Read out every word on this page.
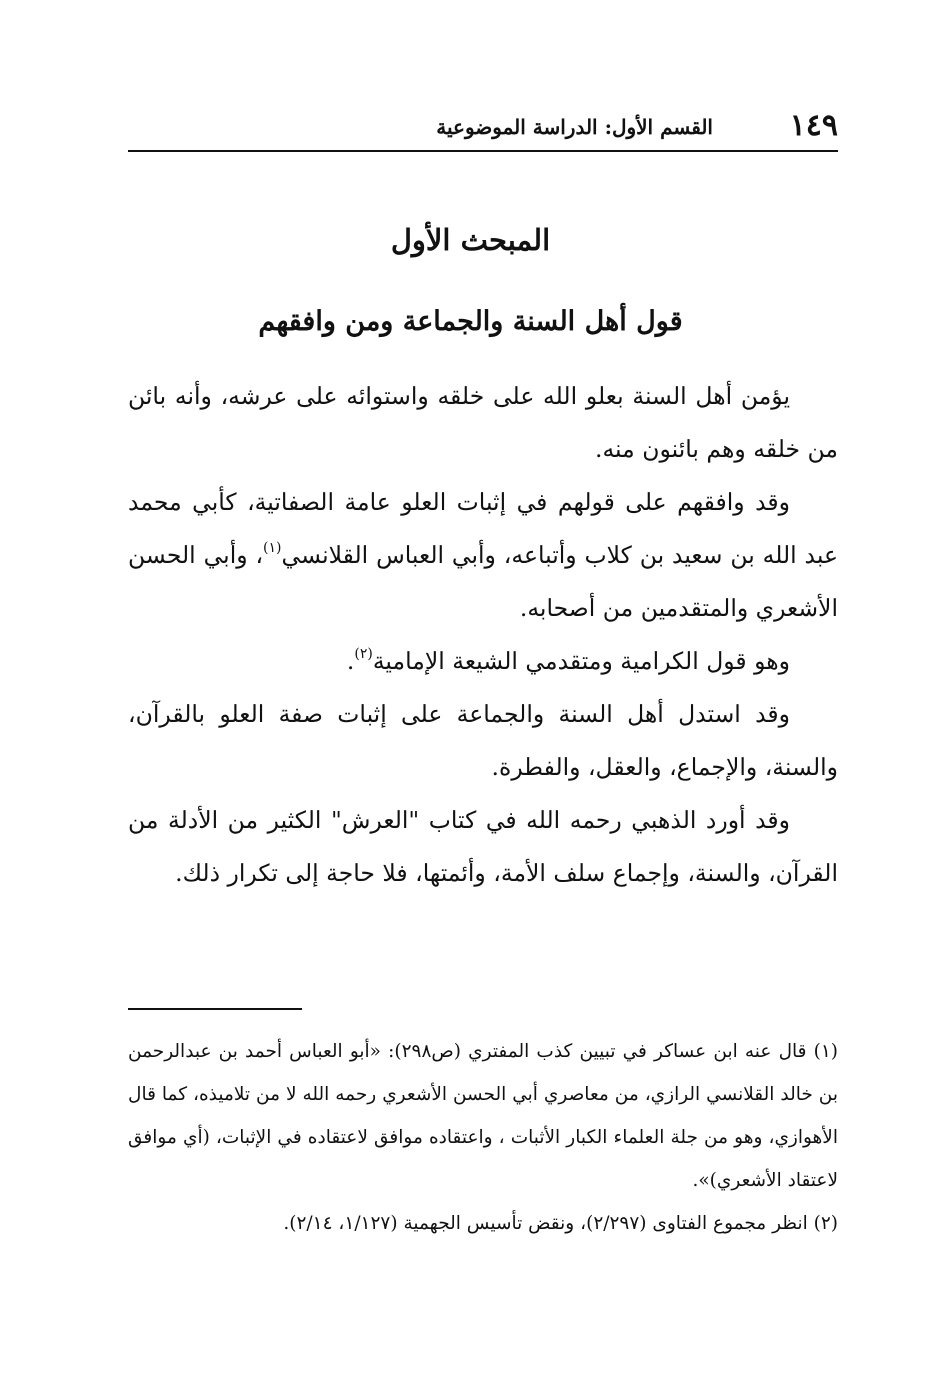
١٤٩
القسم الأول: الدراسة الموضوعية
المبحث الأول
قول أهل السنة والجماعة ومن وافقهم

يؤمن أهل السنة بعلو الله على خلقه واستوائه على عرشه، وأنه بائن من خلقه وهم بائنون منه.

وقد وافقهم على قولهم في إثبات العلو عامة الصفاتية، كأبي محمد عبد الله بن سعيد بن كلاب وأتباعه، وأبي العباس القلانسي$^{(١)}$، وأبي الحسن الأشعري والمتقدمين من أصحابه.

وهو قول الكرامية ومتقدمي الشيعة الإمامية$^{(٢)}$.

وقد استدل أهل السنة والجماعة على إثبات صفة العلو بالقرآن، والسنة، والإجماع، والعقل، والفطرة.

وقد أورد الذهبي رحمه الله في كتاب "العرش" الكثير من الأدلة من القرآن، والسنة، وإجماع سلف الأمة، وأئمتها، فلا حاجة إلى تكرار ذلك.

(١) قال عنه ابن عساكر في تبيين كذب المفتري (ص٢٩٨): «أبو العباس أحمد بن عبدالرحمن بن خالد القلانسي الرازي، من معاصري أبي الحسن الأشعري رحمه الله لا من تلاميذه، كما قال الأهوازي، وهو من جلة العلماء الكبار الأثبات ، واعتقاده موافق لاعتقاده في الإثبات، (أي موافق لاعتقاد الأشعري)».

(٢) انظر مجموع الفتاوى (٢/٢٩٧)، ونقض تأسيس الجهمية (١/١٢٧، ٢/١٤).
